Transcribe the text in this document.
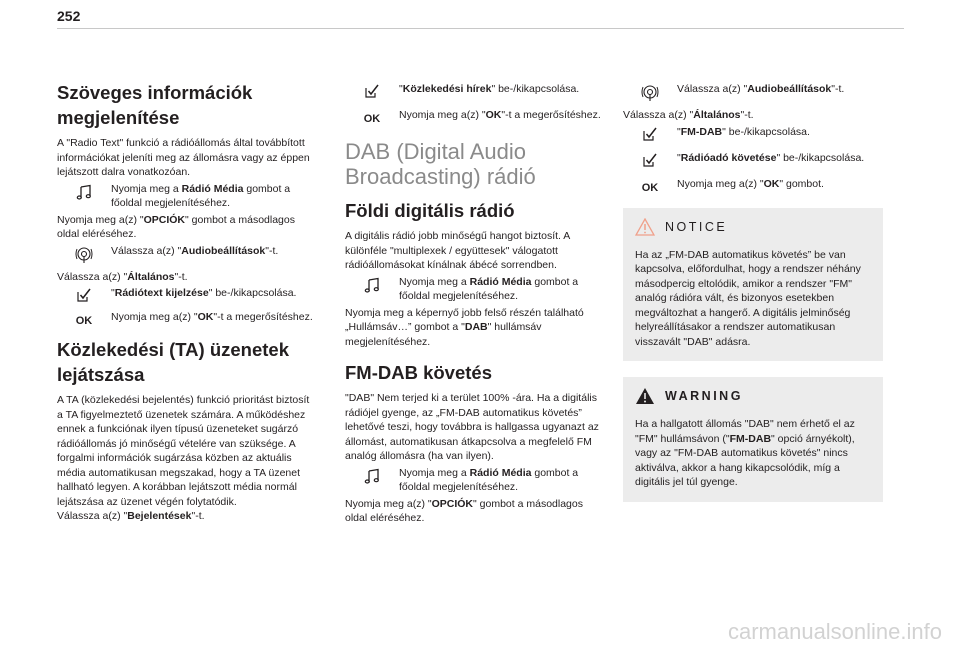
252
Szöveges információk megjelenítése

A "Radio Text" funkció a rádióállomás által továbbított információkat jeleníti meg az állomásra vagy az éppen lejátszott dalra vonatkozóan.

Nyomja meg a Rádió Média gombot a főoldal megjelenítéséhez.

Nyomja meg a(z) "OPCIÓK" gombot a másodlagos oldal eléréséhez.

Válassza a(z) "Audiobeállítások"-t.

Válassza a(z) "Általános"-t.

"Rádiótext kijelzése" be-/kikapcsolása.
OK	Nyomja meg a(z) "OK"-t a megerősítéshez.
Közlekedési (TA) üzenetek lejátszása

A TA (közlekedési bejelentés) funkció prioritást biztosít a TA figyelmeztető üzenetek számára. A működéshez ennek a funkciónak ilyen típusú üzeneteket sugárzó rádióállomás jó minőségű vételére van szüksége. A forgalmi információk sugárzása közben az aktuális média automatikusan megszakad, hogy a TA üzenet hallható legyen. A korábban lejátszott média normál lejátszása az üzenet végén folytatódik.

Válassza a(z) "Bejelentések"-t.

"Közlekedési hírek" be-/kikapcsolása.
OK	Nyomja meg a(z) "OK"-t a megerősítéshez.
DAB (Digital Audio Broadcasting) rádió
Földi digitális rádió

A digitális rádió jobb minőségű hangot biztosít. A különféle "multiplexek / együttesek" válogatott rádióállomásokat kínálnak ábécé sorrendben.

Nyomja meg a Rádió Média gombot a főoldal megjelenítéséhez.

Nyomja meg a képernyő jobb felső részén található „Hullámsáv…” gombot a "DAB" hullámsáv megjelenítéséhez.

FM-DAB követés

"DAB" Nem terjed ki a terület 100% -ára. Ha a digitális rádiójel gyenge, az „FM-DAB automatikus követés” lehetővé teszi, hogy továbbra is hallgassa ugyanazt az állomást, automatikusan átkapcsolva a megfelelő FM analóg állomásra (ha van ilyen).

Nyomja meg a Rádió Média gombot a főoldal megjelenítéséhez.

Nyomja meg a(z) "OPCIÓK" gombot a másodlagos oldal eléréséhez.

Válassza a(z) "Audiobeállítások"-t.

Válassza a(z) "Általános"-t.

"FM-DAB" be-/kikapcsolása.
"Rádióadó követése" be-/kikapcsolása.
OK	Nyomja meg a(z) "OK" gombot.
NOTICE

Ha az „FM-DAB automatikus követés” be van kapcsolva, előfordulhat, hogy a rendszer néhány másodpercig eltolódik, amikor a rendszer "FM" analóg rádióra vált, és bizonyos esetekben megváltozhat a hangerő. A digitális jelminőség helyreállításakor a rendszer automatikusan visszavált "DAB" adásra.

WARNING

Ha a hallgatott állomás "DAB" nem érhető el az "FM" hullámsávon ("FM-DAB" opció árnyékolt), vagy az "FM-DAB automatikus követés" nincs aktiválva, akkor a hang kikapcsolódik, míg a digitális jel túl gyenge.

carmanualsonline.info
